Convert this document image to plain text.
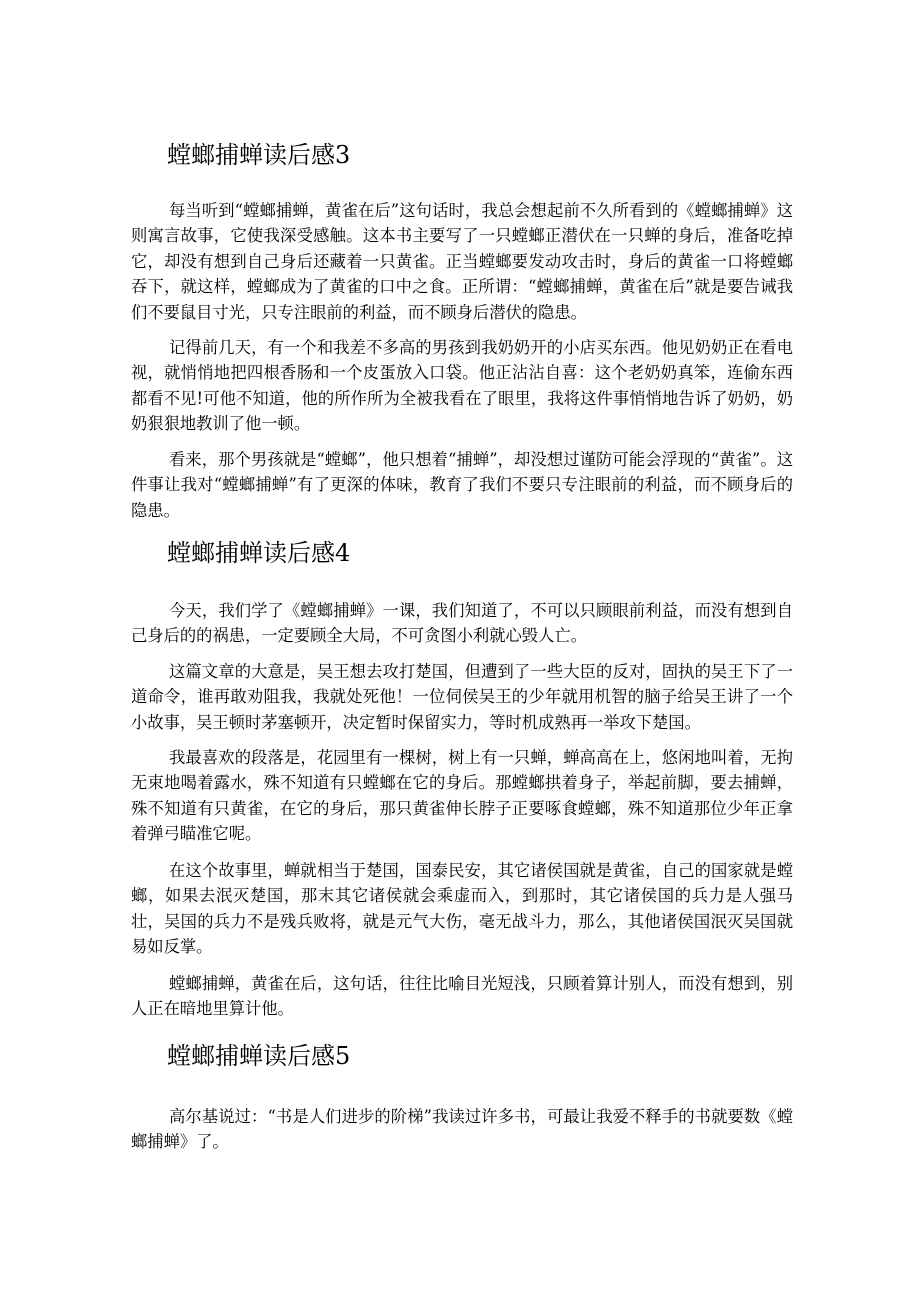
螳螂捕蝉读后感3

每当听到“螳螂捕蝉，黄雀在后”这句话时，我总会想起前不久所看到的《螳螂捕蝉》这则寓言故事，它使我深受感触。这本书主要写了一只螳螂正潜伏在一只蝉的身后，准备吃掉它，却没有想到自己身后还藏着一只黄雀。正当螳螂要发动攻击时，身后的黄雀一口将螳螂吞下，就这样，螳螂成为了黄雀的口中之食。正所谓：“螳螂捕蝉，黄雀在后”就是要告诫我们不要鼠目寸光，只专注眼前的利益，而不顾身后潜伏的隐患。

记得前几天，有一个和我差不多高的男孩到我奶奶开的小店买东西。他见奶奶正在看电视，就悄悄地把四根香肠和一个皮蛋放入口袋。他正沾沾自喜：这个老奶奶真笨，连偷东西都看不见!可他不知道，他的所作所为全被我看在了眼里，我将这件事悄悄地告诉了奶奶，奶奶狠狠地教训了他一顿。

看来，那个男孩就是“螳螂”，他只想着“捕蝉”，却没想过谨防可能会浮现的“黄雀”。这件事让我对“螳螂捕蝉”有了更深的体味，教育了我们不要只专注眼前的利益，而不顾身后的隐患。

螳螂捕蝉读后感4

今天，我们学了《螳螂捕蝉》一课，我们知道了，不可以只顾眼前利益，而没有想到自己身后的的祸患，一定要顾全大局，不可贪图小利就心毁人亡。

这篇文章的大意是，吴王想去攻打楚国，但遭到了一些大臣的反对，固执的吴王下了一道命令，谁再敢劝阻我，我就处死他！一位伺侯吴王的少年就用机智的脑子给吴王讲了一个小故事，吴王顿时茅塞顿开，决定暂时保留实力，等时机成熟再一举攻下楚国。

我最喜欢的段落是，花园里有一棵树，树上有一只蝉，蝉高高在上，悠闲地叫着，无拘无束地喝着露水，殊不知道有只螳螂在它的身后。那螳螂拱着身子，举起前脚，要去捕蝉，殊不知道有只黄雀，在它的身后，那只黄雀伸长脖子正要啄食螳螂，殊不知道那位少年正拿着弹弓瞄准它呢。

在这个故事里，蝉就相当于楚国，国泰民安，其它诸侯国就是黄雀，自己的国家就是螳螂，如果去泯灭楚国，那末其它诸侯就会乘虚而入，到那时，其它诸侯国的兵力是人强马壮，吴国的兵力不是残兵败将，就是元气大伤，毫无战斗力，那么，其他诸侯国泯灭吴国就易如反掌。

螳螂捕蝉，黄雀在后，这句话，往往比喻目光短浅，只顾着算计别人，而没有想到，别人正在暗地里算计他。

螳螂捕蝉读后感5

高尔基说过：“书是人们进步的阶梯”我读过许多书，可最让我爱不释手的书就要数《螳螂捕蝉》了。
